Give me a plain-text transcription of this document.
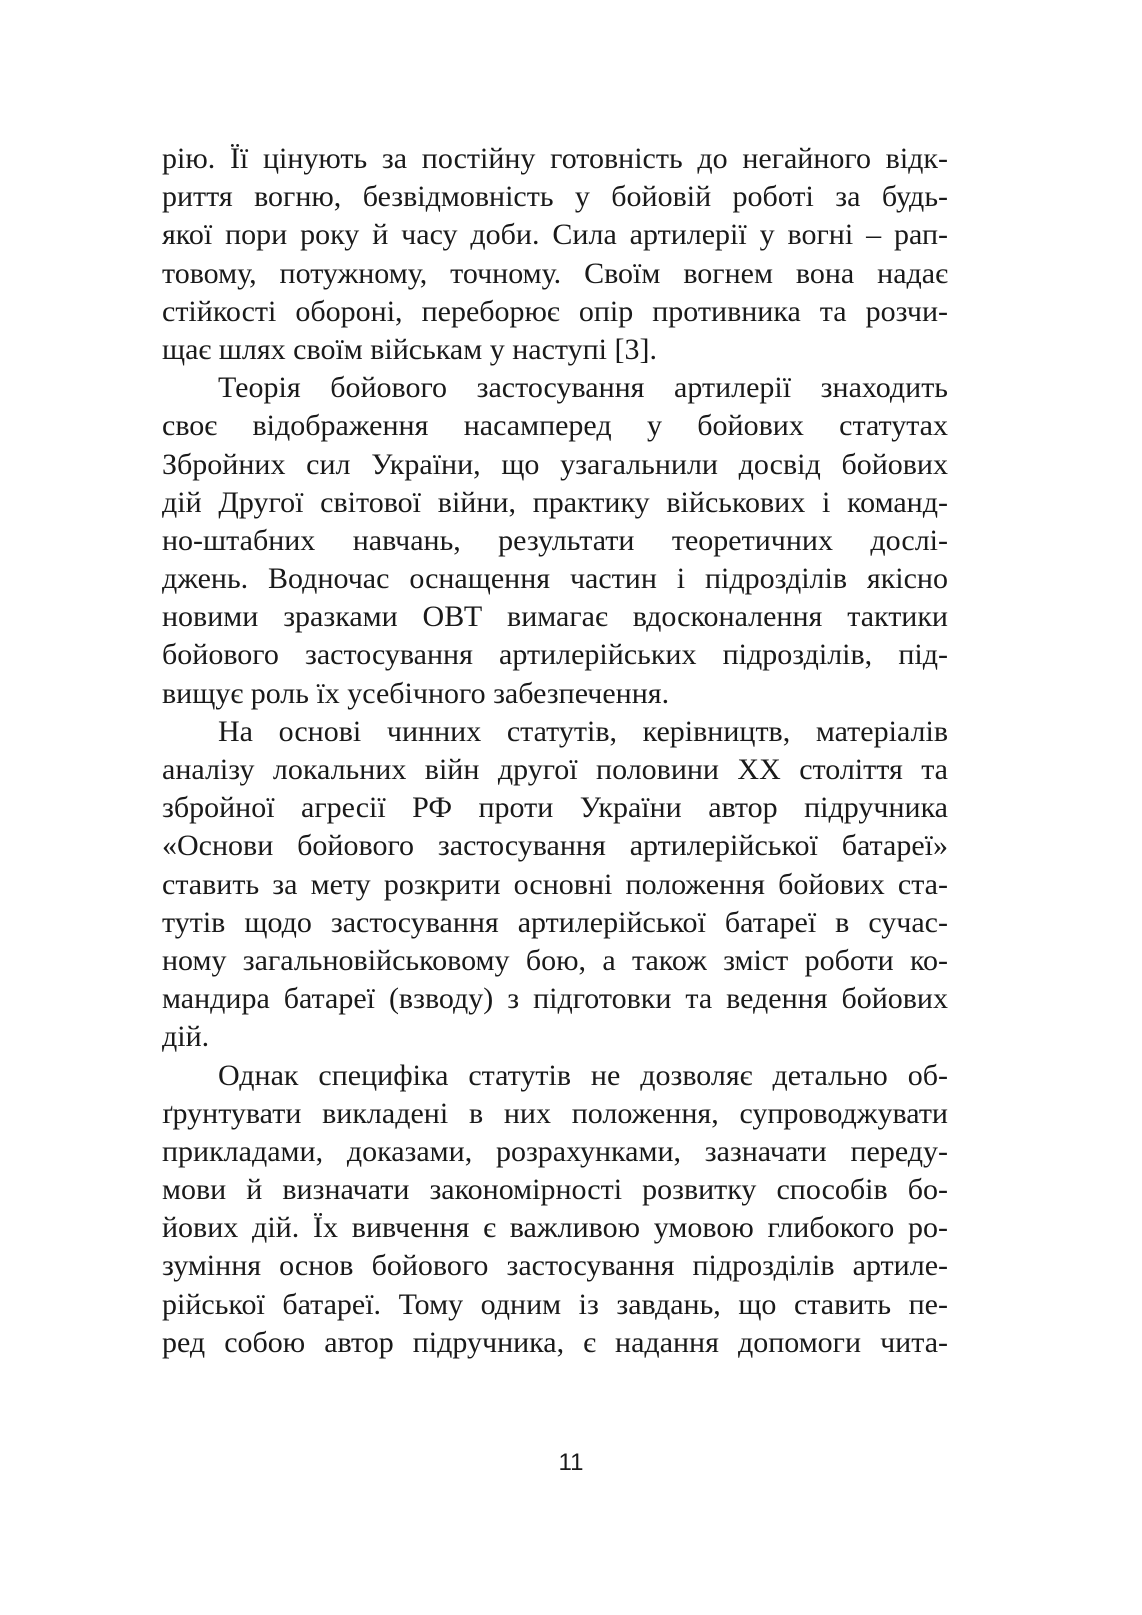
рію. Її цінують за постійну готовність до негайного відк-
риття вогню, безвідмовність у бойовій роботі за будь-
якої пори року й часу доби. Сила артилерії у вогні – рап-
товому, потужному, точному. Своїм вогнем вона надає
стійкості обороні, переборює опір противника та розчи-
щає шлях своїм військам у наступі [3].
Теорія бойового застосування артилерії знаходить
своє відображення насамперед у бойових статутах
Збройних сил України, що узагальнили досвід бойових
дій Другої світової війни, практику військових і команд-
но-штабних навчань, результати теоретичних дослі-
джень. Водночас оснащення частин і підрозділів якісно
новими зразками ОВТ вимагає вдосконалення тактики
бойового застосування артилерійських підрозділів, під-
вищує роль їх усебічного забезпечення.
На основі чинних статутів, керівництв, матеріалів
аналізу локальних війн другої половини XX століття та
збройної агресії РФ проти України автор підручника
«Основи бойового застосування артилерійської батареї»
ставить за мету розкрити основні положення бойових ста-
тутів щодо застосування артилерійської батареї в сучас-
ному загальновійськовому бою, а також зміст роботи ко-
мандира батареї (взводу) з підготовки та ведення бойових
дій.
Однак специфіка статутів не дозволяє детально об-
ґрунтувати викладені в них положення, супроводжувати
прикладами, доказами, розрахунками, зазначати переду-
мови й визначати закономірності розвитку способів бо-
йових дій. Їх вивчення є важливою умовою глибокого ро-
зуміння основ бойового застосування підрозділів артиле-
рійської батареї. Тому одним із завдань, що ставить пе-
ред собою автор підручника, є надання допомоги чита-
11
